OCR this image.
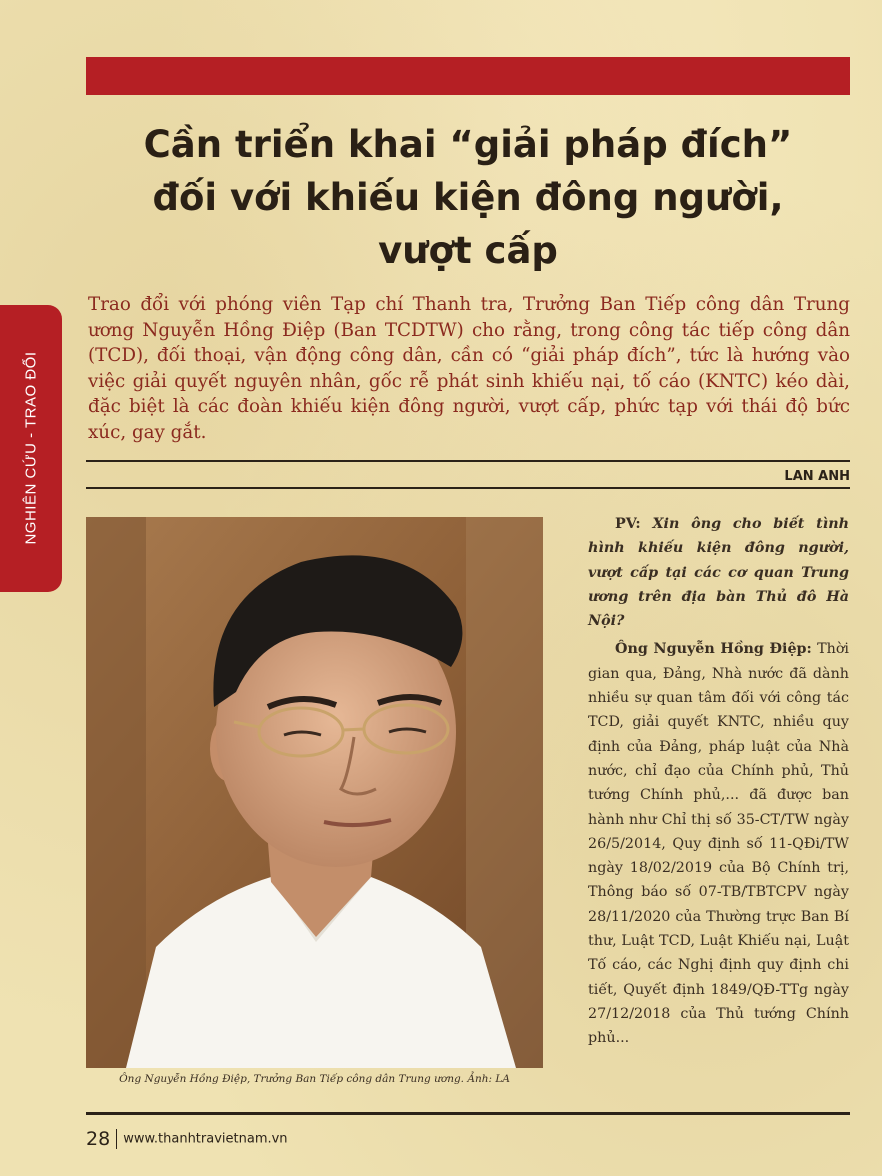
NGHIÊN CỨU - TRAO ĐỔI
Cần triển khai “giải pháp đích”
đối với khiếu kiện đông người,
vượt cấp

Trao đổi với phóng viên Tạp chí Thanh tra, Trưởng Ban Tiếp công dân Trung ương Nguyễn Hồng Điệp (Ban TCDTW) cho rằng, trong công tác tiếp công dân (TCD), đối thoại, vận động công dân, cần có “giải pháp đích”, tức là hướng vào việc giải quyết nguyên nhân, gốc rễ phát sinh khiếu nại, tố cáo (KNTC) kéo dài, đặc biệt là các đoàn khiếu kiện đông người, vượt cấp, phức tạp với thái độ bức xúc, gay gắt.

LAN ANH
Ông Nguyễn Hồng Điệp, Trưởng Ban Tiếp công dân Trung ương. Ảnh: LA

PV: Xin ông cho biết tình hình khiếu kiện đông người, vượt cấp tại các cơ quan Trung ương trên địa bàn Thủ đô Hà Nội?

Ông Nguyễn Hồng Điệp: Thời gian qua, Đảng, Nhà nước đã dành nhiều sự quan tâm đối với công tác TCD, giải quyết KNTC, nhiều quy định của Đảng, pháp luật của Nhà nước, chỉ đạo của Chính phủ, Thủ tướng Chính phủ,... đã được ban hành như Chỉ thị số 35-CT/TW ngày 26/5/2014, Quy định số 11-QĐi/TW ngày 18/02/2019 của Bộ Chính trị, Thông báo số 07-TB/TBTCPV ngày 28/11/2020 của Thường trực Ban Bí thư, Luật TCD, Luật Khiếu nại, Luật Tố cáo, các Nghị định quy định chi tiết, Quyết định 1849/QĐ-TTg ngày 27/12/2018 của Thủ tướng Chính phủ...

28 www.thanhtravietnam.vn
